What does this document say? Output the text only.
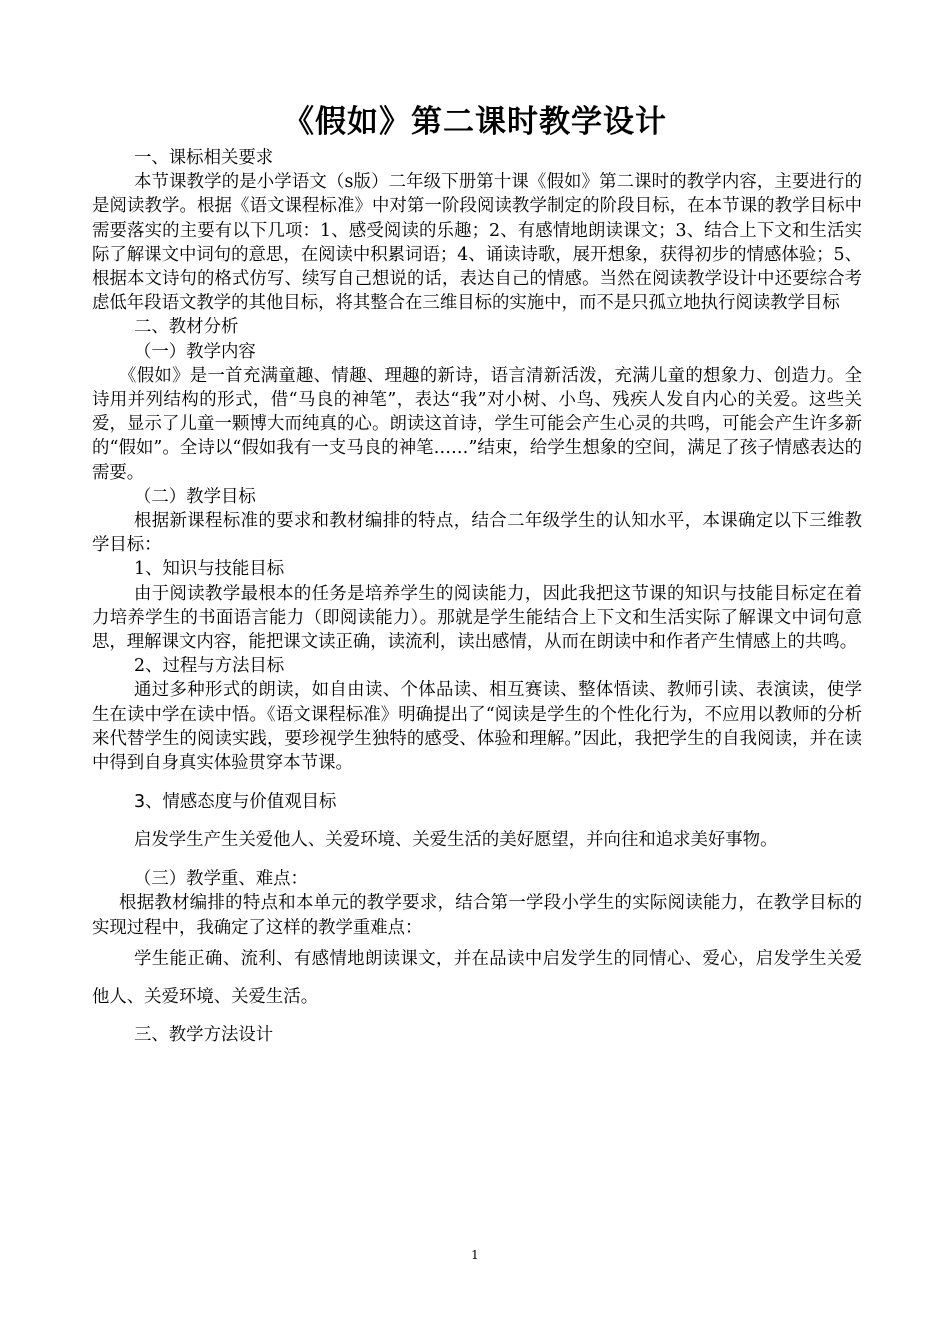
《假如》第二课时教学设计

一、课标相关要求

本节课教学的是小学语文（s版）二年级下册第十课《假如》第二课时的教学内容，主要进行的是阅读教学。根据《语文课程标准》中对第一阶段阅读教学制定的阶段目标，在本节课的教学目标中需要落实的主要有以下几项：1、感受阅读的乐趣；2、有感情地朗读课文；3、结合上下文和生活实际了解课文中词句的意思，在阅读中积累词语；4、诵读诗歌，展开想象，获得初步的情感体验；5、根据本文诗句的格式仿写、续写自己想说的话，表达自己的情感。当然在阅读教学设计中还要综合考虑低年段语文教学的其他目标，将其整合在三维目标的实施中，而不是只孤立地执行阅读教学目标

二、教材分析

（一）教学内容

《假如》是一首充满童趣、情趣、理趣的新诗，语言清新活泼，充满儿童的想象力、创造力。全诗用并列结构的形式，借“马良的神笔”，表达“我”对小树、小鸟、残疾人发自内心的关爱。这些关爱，显示了儿童一颗博大而纯真的心。朗读这首诗，学生可能会产生心灵的共鸣，可能会产生许多新的“假如”。全诗以“假如我有一支马良的神笔……”结束，给学生想象的空间，满足了孩子情感表达的需要。

（二）教学目标

根据新课程标准的要求和教材编排的特点，结合二年级学生的认知水平，本课确定以下三维教学目标：

1、知识与技能目标

由于阅读教学最根本的任务是培养学生的阅读能力，因此我把这节课的知识与技能目标定在着力培养学生的书面语言能力（即阅读能力）。那就是学生能结合上下文和生活实际了解课文中词句意思，理解课文内容，能把课文读正确，读流利，读出感情，从而在朗读中和作者产生情感上的共鸣。

2、过程与方法目标

通过多种形式的朗读，如自由读、个体品读、相互赛读、整体悟读、教师引读、表演读，使学生在读中学在读中悟。《语文课程标准》明确提出了“阅读是学生的个性化行为，不应用以教师的分析来代替学生的阅读实践，要珍视学生独特的感受、体验和理解。”因此，我把学生的自我阅读，并在读中得到自身真实体验贯穿本节课。

3、情感态度与价值观目标

启发学生产生关爱他人、关爱环境、关爱生活的美好愿望，并向往和追求美好事物。

（三）教学重、难点：

根据教材编排的特点和本单元的教学要求，结合第一学段小学生的实际阅读能力，在教学目标的实现过程中，我确定了这样的教学重难点：

学生能正确、流利、有感情地朗读课文，并在品读中启发学生的同情心、爱心，启发学生关爱他人、关爱环境、关爱生活。

三、教学方法设计

1
